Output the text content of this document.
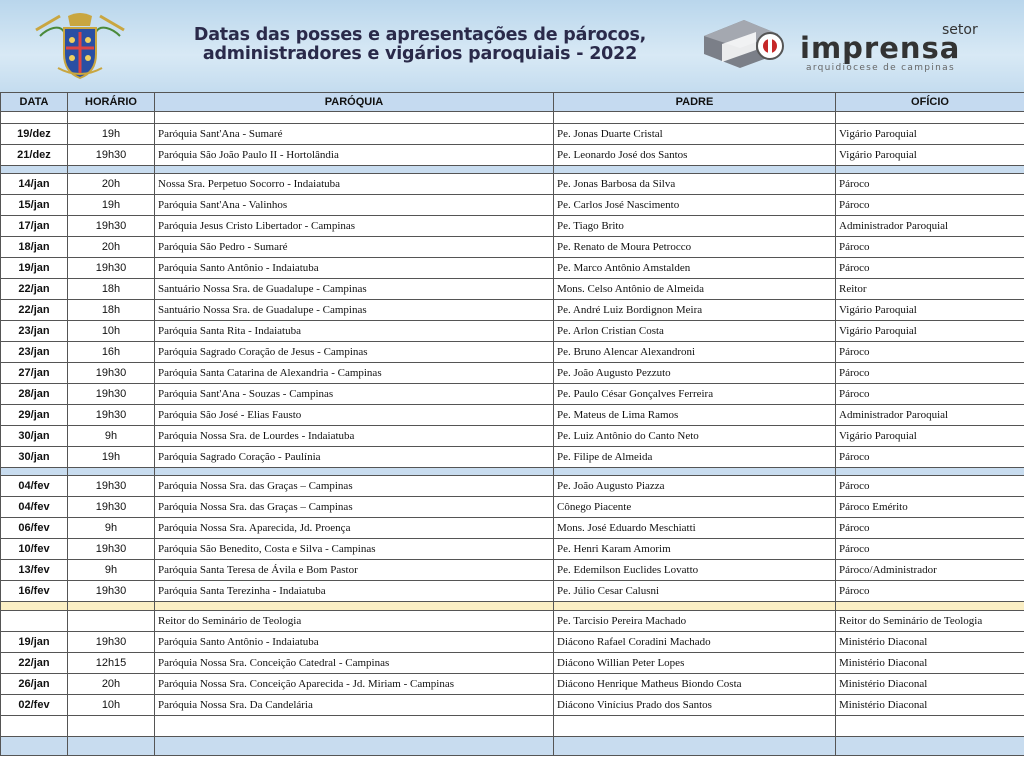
Datas das posses e apresentações de párocos,
administradores e vigários paroquiais - 2022
setor
imprensa
arquidiocese de campinas
DATA	HORÁRIO	PARÓQUIA	PADRE	OFÍCIO

19/dez	19h	Paróquia Sant'Ana - Sumaré	Pe. Jonas Duarte Cristal	Vigário Paroquial
21/dez	19h30	Paróquia São João Paulo II - Hortolândia	Pe. Leonardo José dos Santos	Vigário Paroquial

14/jan	20h	Nossa Sra. Perpetuo Socorro - Indaiatuba	Pe. Jonas Barbosa da Silva	Pároco
15/jan	19h	Paróquia Sant'Ana - Valinhos	Pe. Carlos José Nascimento	Pároco
17/jan	19h30	Paróquia Jesus Cristo Libertador - Campinas	Pe. Tiago Brito	Administrador Paroquial
18/jan	20h	Paróquia São Pedro - Sumaré	Pe. Renato de Moura Petrocco	Pároco
19/jan	19h30	Paróquia Santo Antônio - Indaiatuba	Pe. Marco Antônio Amstalden	Pároco
22/jan	18h	Santuário Nossa Sra. de Guadalupe - Campinas	Mons. Celso Antônio de Almeida	Reitor
22/jan	18h	Santuário Nossa Sra. de Guadalupe - Campinas	Pe. André Luiz Bordignon Meira	Vigário Paroquial
23/jan	10h	Paróquia Santa Rita - Indaiatuba	Pe. Arlon Cristian Costa	Vigário Paroquial
23/jan	16h	Paróquia Sagrado Coração de Jesus - Campinas	Pe. Bruno Alencar Alexandroni	Pároco
27/jan	19h30	Paróquia Santa Catarina de Alexandria - Campinas	Pe. João Augusto Pezzuto	Pároco
28/jan	19h30	Paróquia Sant'Ana - Souzas - Campinas	Pe. Paulo César Gonçalves Ferreira	Pároco
29/jan	19h30	Paróquia São José - Elias Fausto	Pe. Mateus de Lima Ramos	Administrador Paroquial
30/jan	9h	Paróquia Nossa Sra. de Lourdes - Indaiatuba	Pe. Luiz Antônio do Canto Neto	Vigário Paroquial
30/jan	19h	Paróquia Sagrado Coração - Paulínia	Pe. Filipe de Almeida	Pároco

04/fev	19h30	Paróquia Nossa Sra. das Graças – Campinas	Pe. João Augusto Piazza	Pároco
04/fev	19h30	Paróquia Nossa Sra. das Graças – Campinas	Cônego Piacente	Pároco Emérito
06/fev	9h	Paróquia Nossa Sra. Aparecida, Jd. Proença	Mons. José Eduardo Meschiatti	Pároco
10/fev	19h30	Paróquia São Benedito, Costa e Silva - Campinas	Pe. Henri Karam Amorim	Pároco
13/fev	9h	Paróquia Santa Teresa de Ávila e Bom Pastor	Pe. Edemilson Euclides Lovatto	Pároco/Administrador
16/fev	19h30	Paróquia Santa Terezinha - Indaiatuba	Pe. Júlio Cesar Calusni	Pároco

		Reitor do Seminário de Teologia	Pe. Tarcisio Pereira Machado	Reitor do Seminário de Teologia
19/jan	19h30	Paróquia Santo Antônio - Indaiatuba	Diácono Rafael Coradini Machado	Ministério Diaconal
22/jan	12h15	Paróquia Nossa Sra. Conceição Catedral - Campinas	Diácono Willian Peter Lopes	Ministério Diaconal
26/jan	20h	Paróquia Nossa Sra. Conceição Aparecida - Jd. Miriam - Campinas	Diácono Henrique Matheus Biondo Costa	Ministério Diaconal
02/fev	10h	Paróquia Nossa Sra. Da Candelária	Diácono Vinícius Prado dos Santos	Ministério Diaconal
